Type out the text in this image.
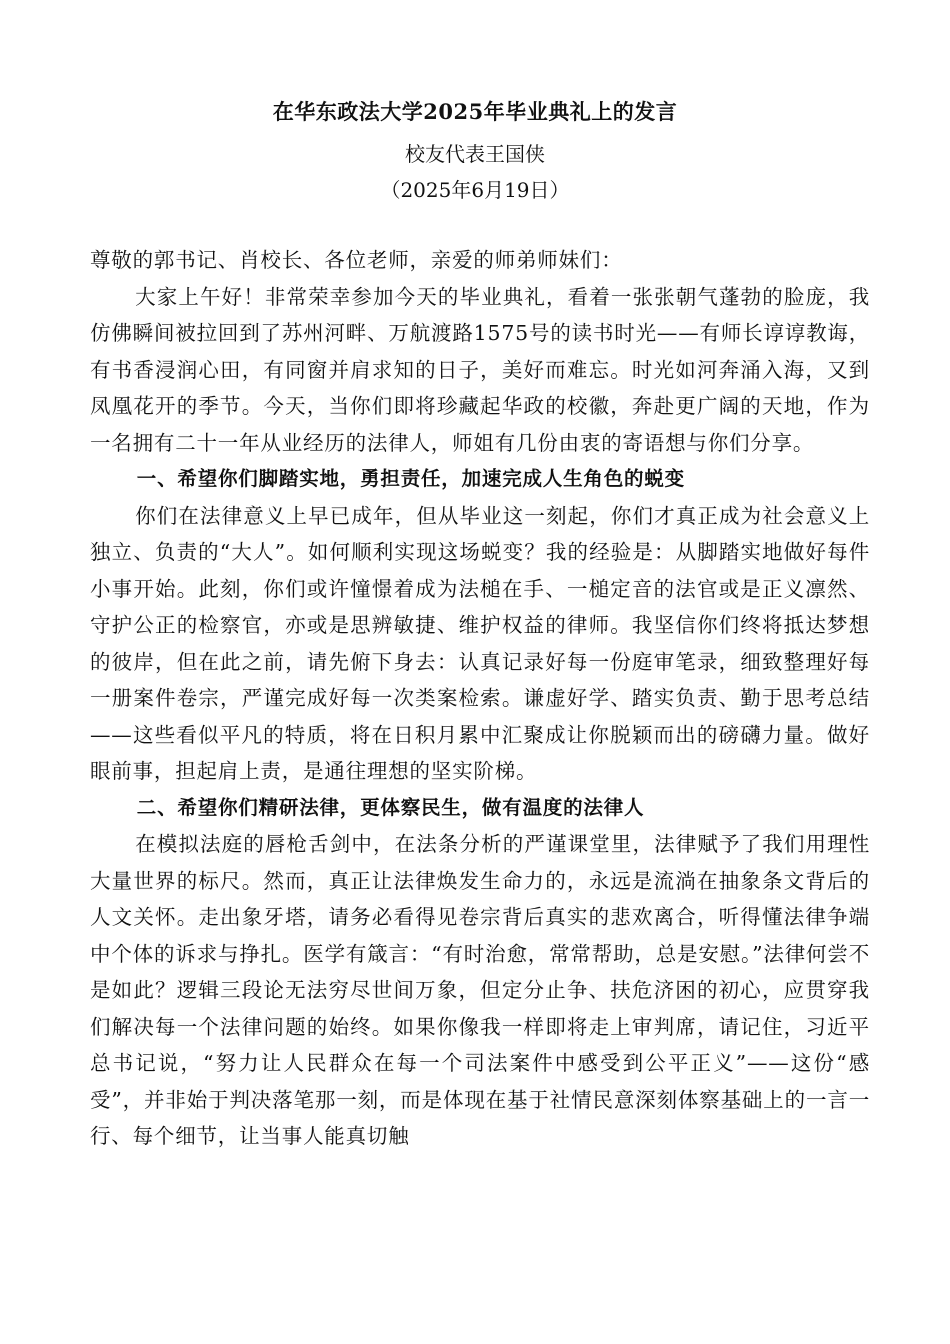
在华东政法大学2025年毕业典礼上的发言
校友代表王国侠
（2025年6月19日）

尊敬的郭书记、肖校长、各位老师，亲爱的师弟师妹们：

大家上午好！非常荣幸参加今天的毕业典礼，看着一张张朝气蓬勃的脸庞，我仿佛瞬间被拉回到了苏州河畔、万航渡路1575号的读书时光——有师长谆谆教诲，有书香浸润心田，有同窗并肩求知的日子，美好而难忘。时光如河奔涌入海，又到凤凰花开的季节。今天，当你们即将珍藏起华政的校徽，奔赴更广阔的天地，作为一名拥有二十一年从业经历的法律人，师姐有几份由衷的寄语想与你们分享。

一、希望你们脚踏实地，勇担责任，加速完成人生角色的蜕变

你们在法律意义上早已成年，但从毕业这一刻起，你们才真正成为社会意义上独立、负责的“大人”。如何顺利实现这场蜕变？我的经验是：从脚踏实地做好每件小事开始。此刻，你们或许憧憬着成为法槌在手、一槌定音的法官或是正义凛然、守护公正的检察官，亦或是思辨敏捷、维护权益的律师。我坚信你们终将抵达梦想的彼岸，但在此之前，请先俯下身去：认真记录好每一份庭审笔录，细致整理好每一册案件卷宗，严谨完成好每一次类案检索。谦虚好学、踏实负责、勤于思考总结——这些看似平凡的特质，将在日积月累中汇聚成让你脱颖而出的磅礴力量。做好眼前事，担起肩上责，是通往理想的坚实阶梯。

二、希望你们精研法律，更体察民生，做有温度的法律人

在模拟法庭的唇枪舌剑中，在法条分析的严谨课堂里，法律赋予了我们用理性大量世界的标尺。然而，真正让法律焕发生命力的，永远是流淌在抽象条文背后的人文关怀。走出象牙塔，请务必看得见卷宗背后真实的悲欢离合，听得懂法律争端中个体的诉求与挣扎。医学有箴言：“有时治愈，常常帮助，总是安慰。”法律何尝不是如此？逻辑三段论无法穷尽世间万象，但定分止争、扶危济困的初心，应贯穿我们解决每一个法律问题的始终。如果你像我一样即将走上审判席，请记住，习近平总书记说，“努力让人民群众在每一个司法案件中感受到公平正义”——这份“感受”，并非始于判决落笔那一刻，而是体现在基于社情民意深刻体察基础上的一言一行、每个细节，让当事人能真切触
